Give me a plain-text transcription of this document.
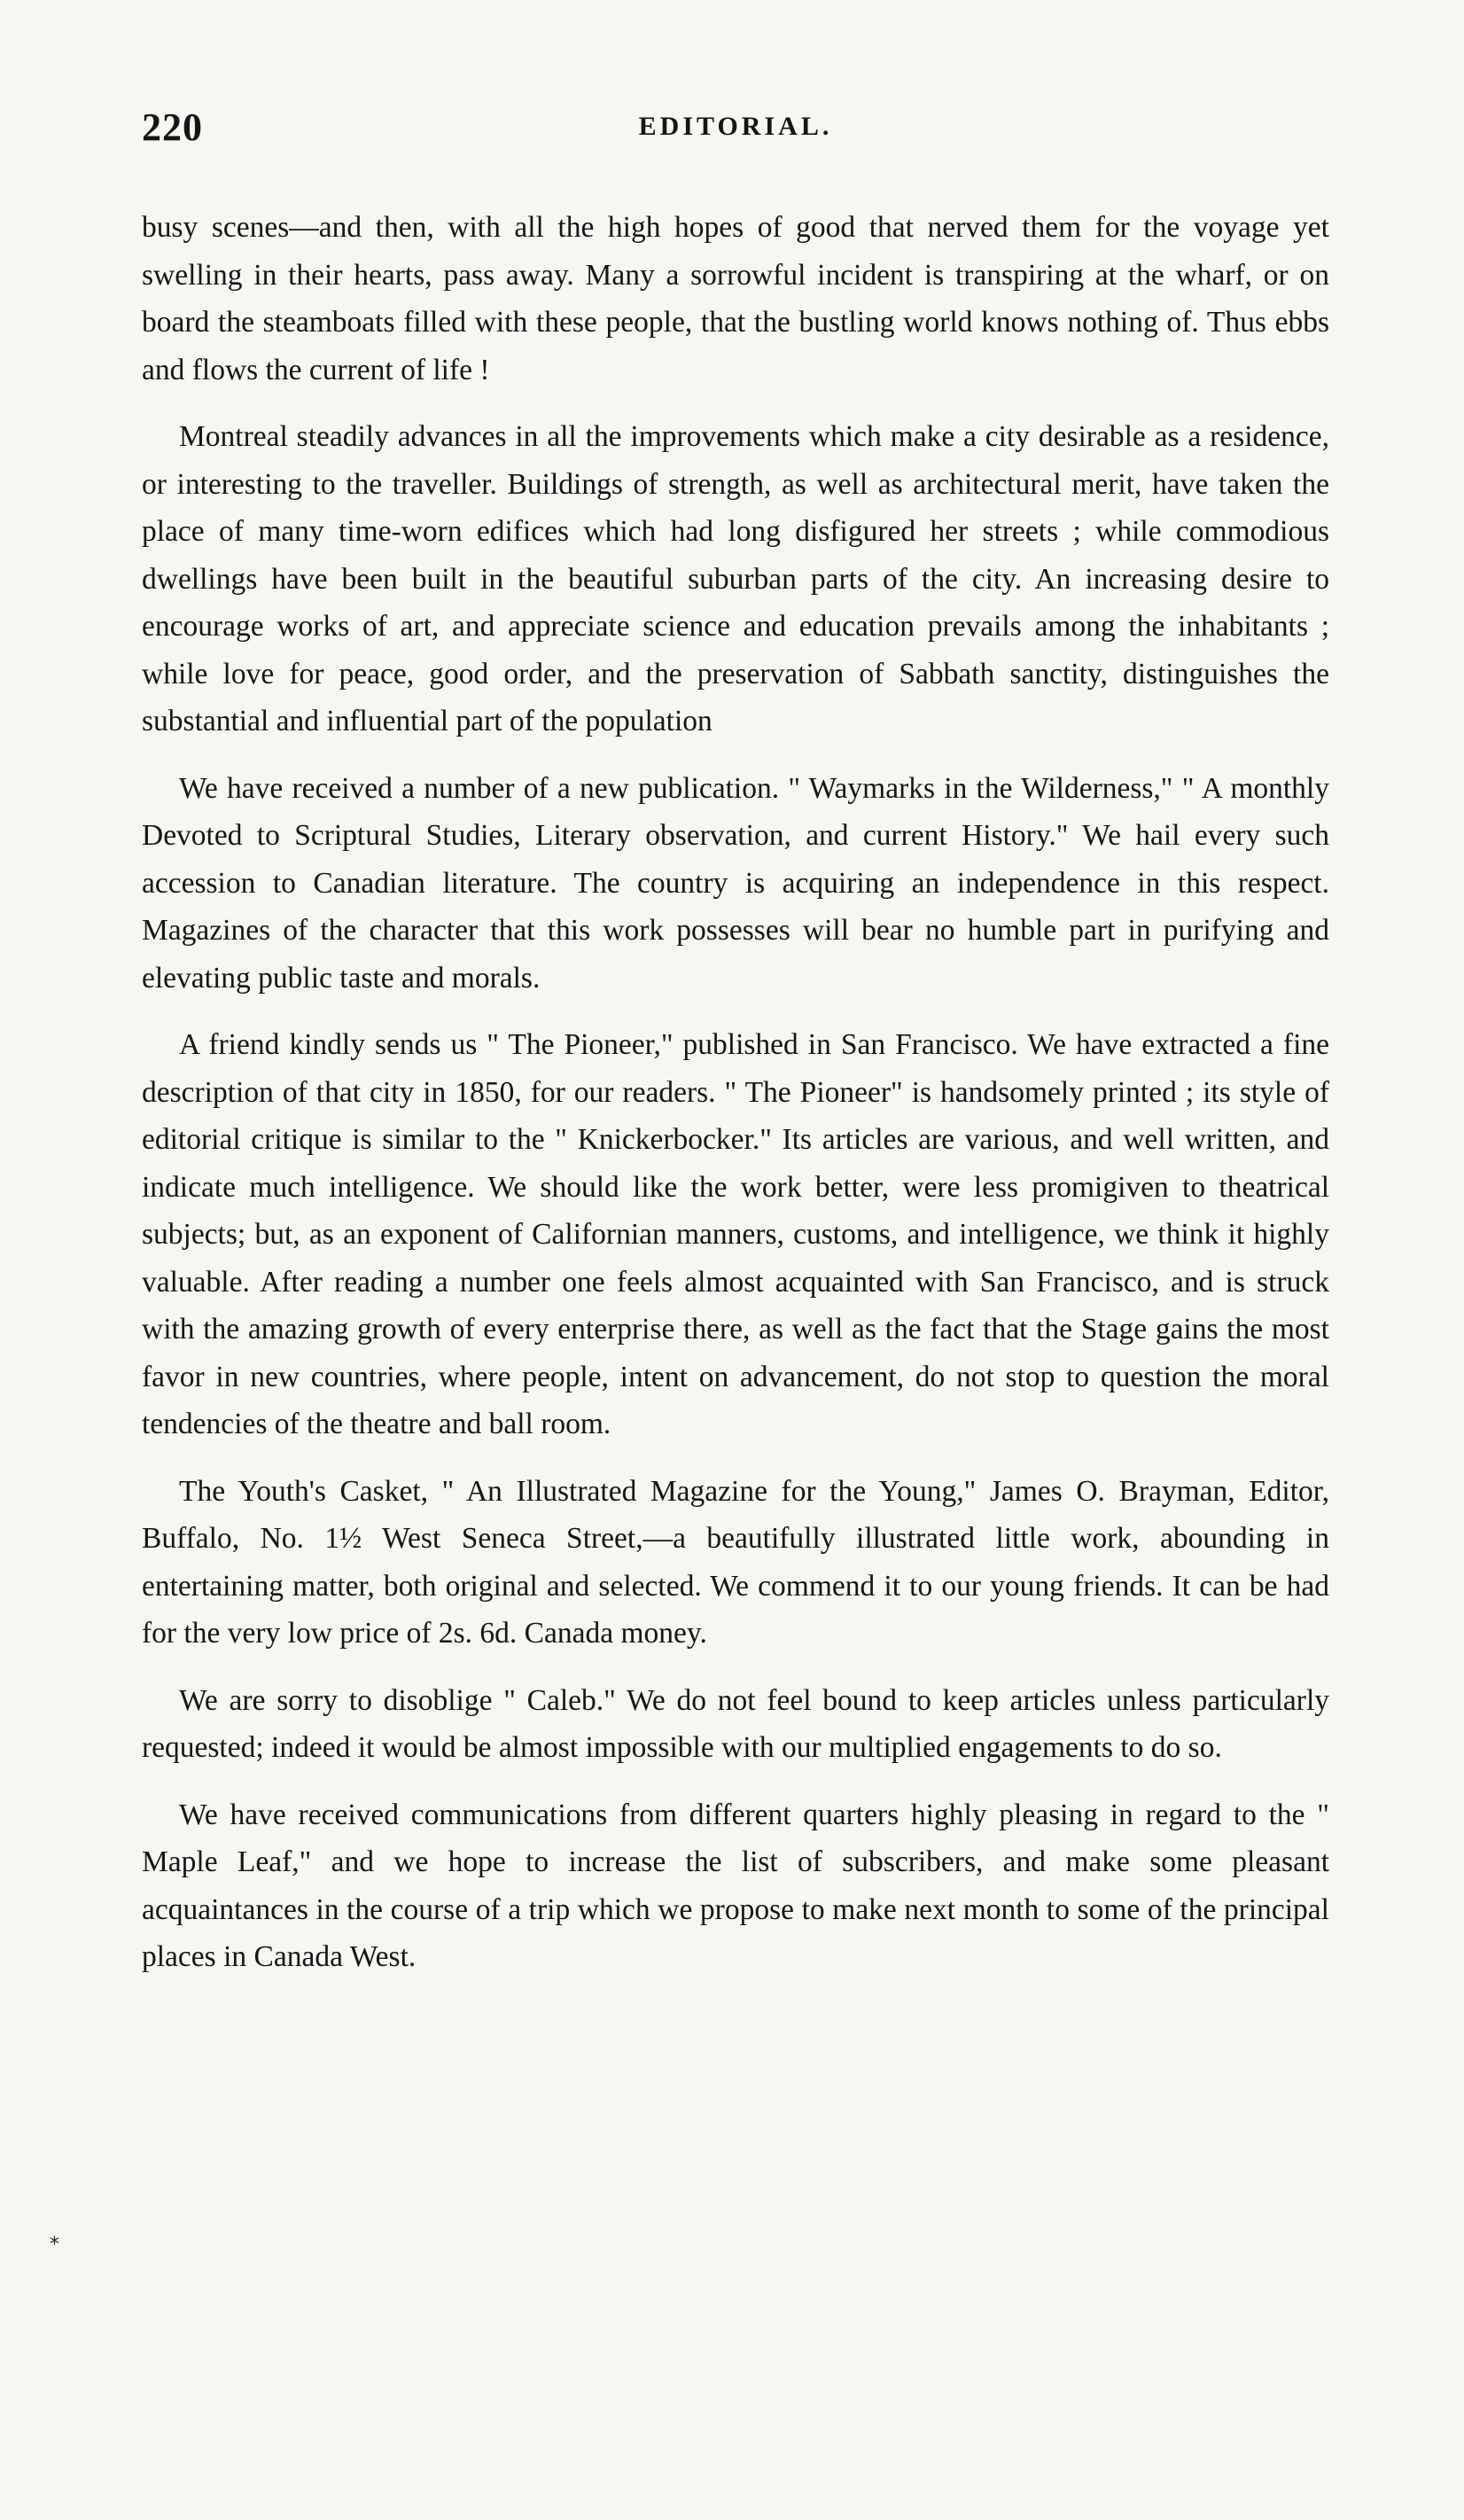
220	EDITORIAL.

busy scenes—and then, with all the high hopes of good that nerved them for the voyage yet swelling in their hearts, pass away. Many a sorrowful incident is transpiring at the wharf, or on board the steamboats filled with these people, that the bustling world knows nothing of. Thus ebbs and flows the current of life !

Montreal steadily advances in all the improvements which make a city desirable as a residence, or interesting to the traveller. Buildings of strength, as well as architectural merit, have taken the place of many time-worn edifices which had long disfigured her streets ; while commodious dwellings have been built in the beautiful suburban parts of the city. An increasing desire to encourage works of art, and appreciate science and education prevails among the inhabitants ; while love for peace, good order, and the preservation of Sabbath sanctity, distinguishes the substantial and influential part of the population

We have received a number of a new publication. " Waymarks in the Wilderness," " A monthly Devoted to Scriptural Studies, Literary observation, and current History." We hail every such accession to Canadian literature. The country is acquiring an independence in this respect. Magazines of the character that this work possesses will bear no humble part in purifying and elevating public taste and morals.

A friend kindly sends us " The Pioneer," published in San Francisco. We have extracted a fine description of that city in 1850, for our readers. " The Pioneer" is handsomely printed ; its style of editorial critique is similar to the " Knickerbocker." Its articles are various, and well written, and indicate much intelligence. We should like the work better, were less promigiven to theatrical subjects; but, as an exponent of Californian manners, customs, and intelligence, we think it highly valuable. After reading a number one feels almost acquainted with San Francisco, and is struck with the amazing growth of every enterprise there, as well as the fact that the Stage gains the most favor in new countries, where people, intent on advancement, do not stop to question the moral tendencies of the theatre and ball room.

The Youth's Casket, " An Illustrated Magazine for the Young," James O. Brayman, Editor, Buffalo, No. 1½ West Seneca Street,—a beautifully illustrated little work, abounding in entertaining matter, both original and selected. We commend it to our young friends. It can be had for the very low price of 2s. 6d. Canada money.

We are sorry to disoblige " Caleb." We do not feel bound to keep articles unless particularly requested; indeed it would be almost impossible with our multiplied engagements to do so.

We have received communications from different quarters highly pleasing in regard to the " Maple Leaf," and we hope to increase the list of subscribers, and make some pleasant acquaintances in the course of a trip which we propose to make next month to some of the principal places in Canada West.

*
